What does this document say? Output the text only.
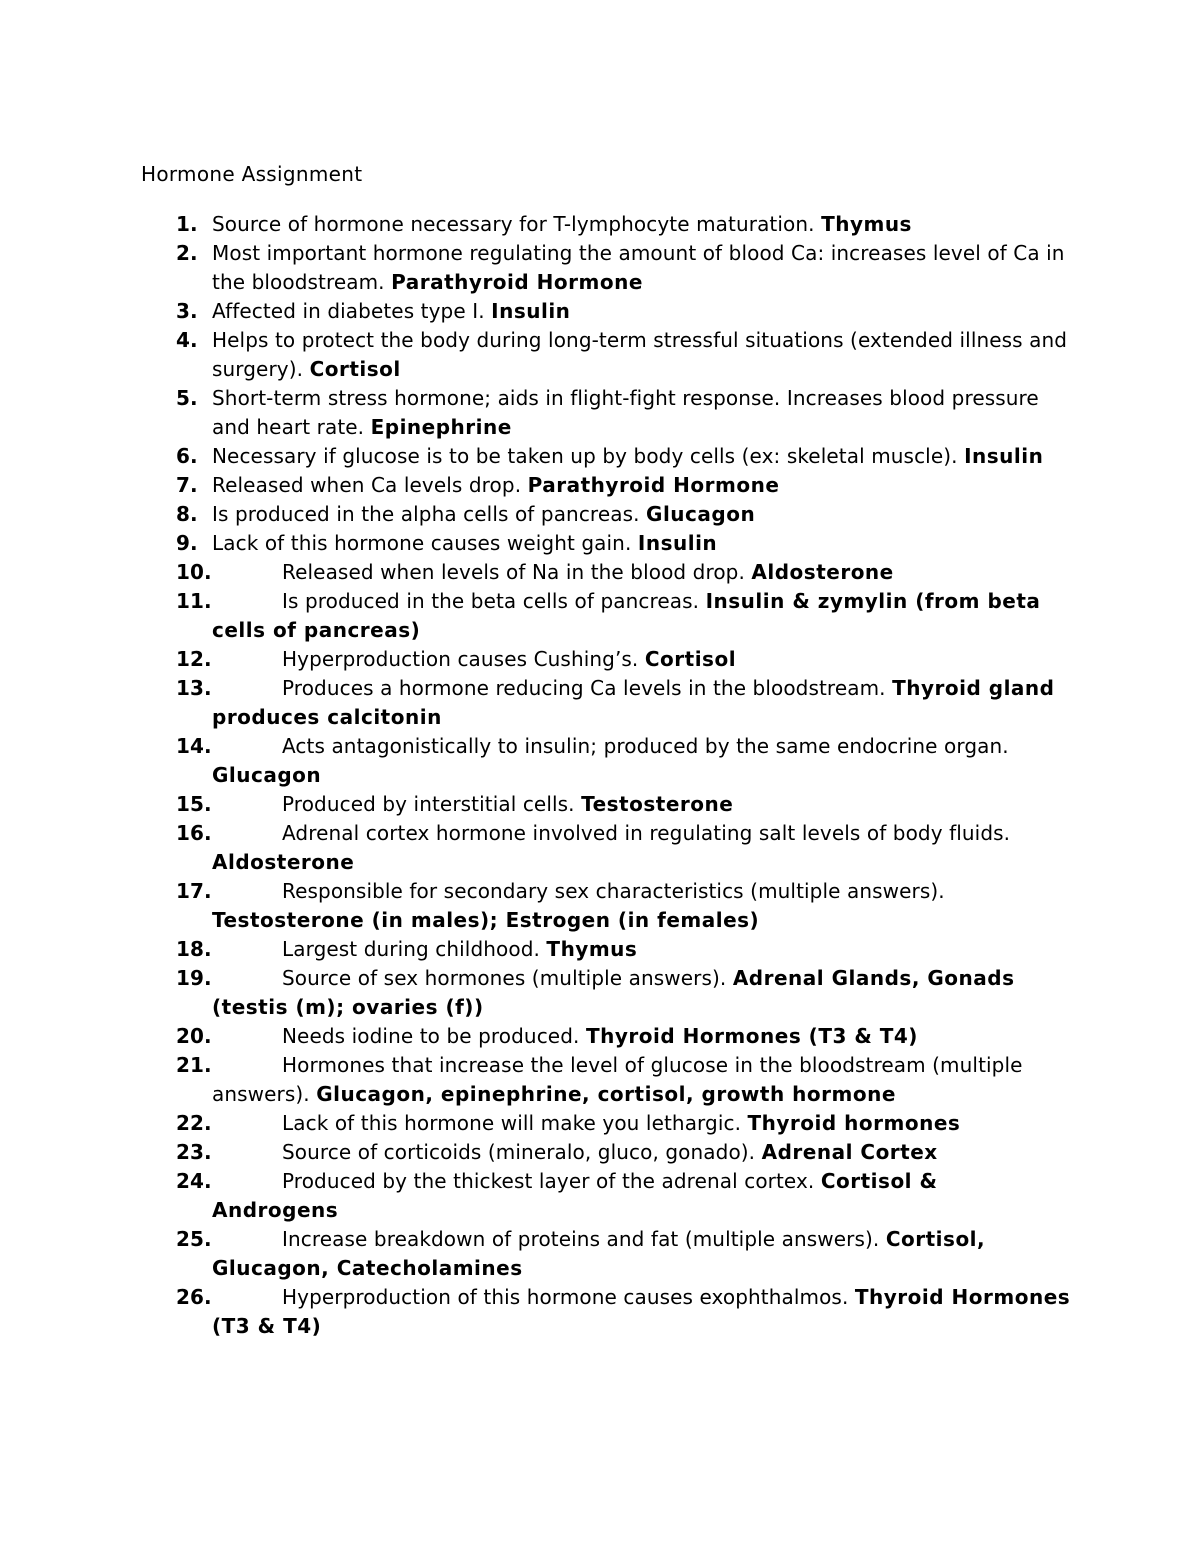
Hormone Assignment
1. Source of hormone necessary for T-lymphocyte maturation. Thymus
2. Most important hormone regulating the amount of blood Ca: increases level of Ca in the bloodstream. Parathyroid Hormone
3. Affected in diabetes type I. Insulin
4. Helps to protect the body during long-term stressful situations (extended illness and surgery). Cortisol
5. Short-term stress hormone; aids in flight-fight response. Increases blood pressure and heart rate. Epinephrine
6. Necessary if glucose is to be taken up by body cells (ex: skeletal muscle). Insulin
7. Released when Ca levels drop. Parathyroid Hormone
8. Is produced in the alpha cells of pancreas. Glucagon
9. Lack of this hormone causes weight gain. Insulin
10.	Released when levels of Na in the blood drop. Aldosterone
11.	Is produced in the beta cells of pancreas. Insulin & zymylin (from beta cells of pancreas)
12.	Hyperproduction causes Cushing’s. Cortisol
13.	Produces a hormone reducing Ca levels in the bloodstream. Thyroid gland produces calcitonin
14.	Acts antagonistically to insulin; produced by the same endocrine organ. Glucagon
15.	Produced by interstitial cells. Testosterone
16.	Adrenal cortex hormone involved in regulating salt levels of body fluids. Aldosterone
17.	Responsible for secondary sex characteristics (multiple answers). Testosterone (in males); Estrogen (in females)
18.	Largest during childhood. Thymus
19.	Source of sex hormones (multiple answers). Adrenal Glands, Gonads (testis (m); ovaries (f))
20.	Needs iodine to be produced. Thyroid Hormones (T3 & T4)
21.	Hormones that increase the level of glucose in the bloodstream (multiple answers). Glucagon, epinephrine, cortisol, growth hormone
22.	Lack of this hormone will make you lethargic. Thyroid hormones
23.	Source of corticoids (mineralo, gluco, gonado). Adrenal Cortex
24.	Produced by the thickest layer of the adrenal cortex. Cortisol & Androgens
25.	Increase breakdown of proteins and fat (multiple answers). Cortisol, Glucagon, Catecholamines
26.	Hyperproduction of this hormone causes exophthalmos. Thyroid Hormones (T3 & T4)
